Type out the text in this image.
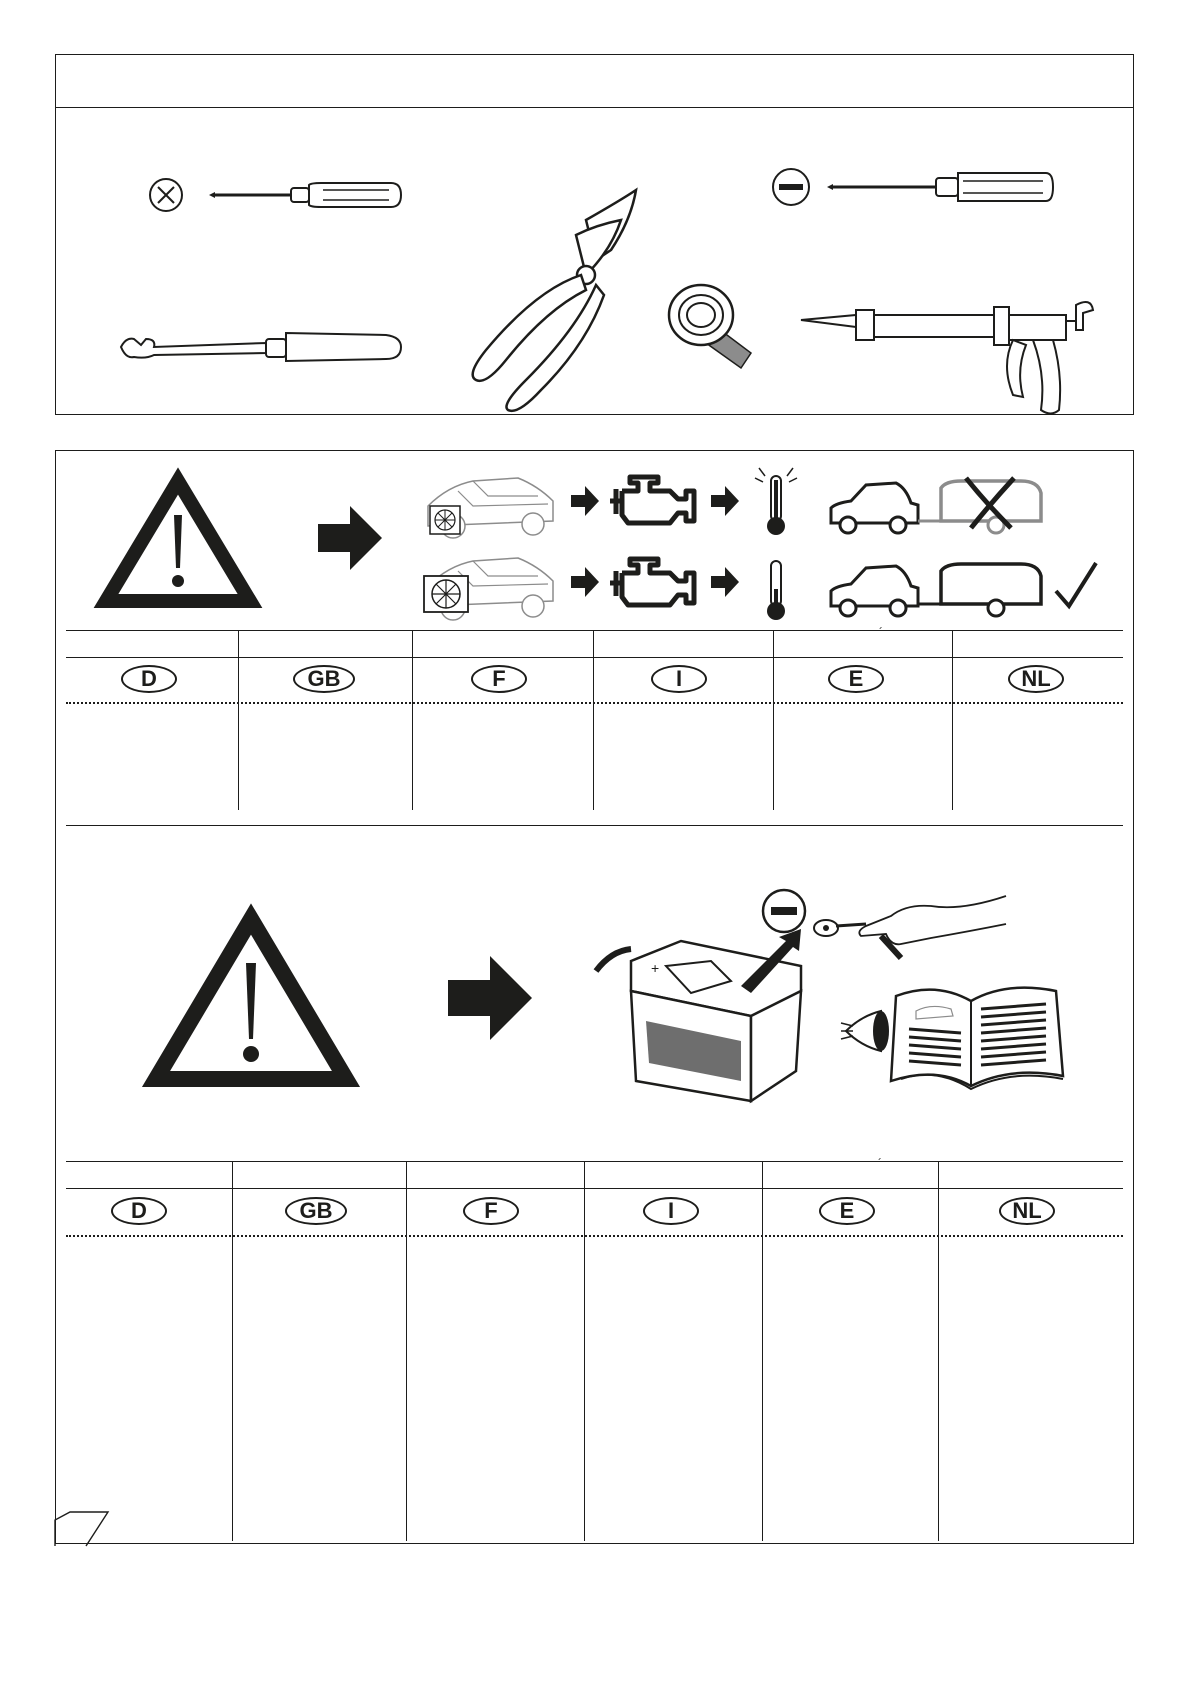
´
D	GB	F	I	E	NL
+
´
D	GB	F	I	E	NL
